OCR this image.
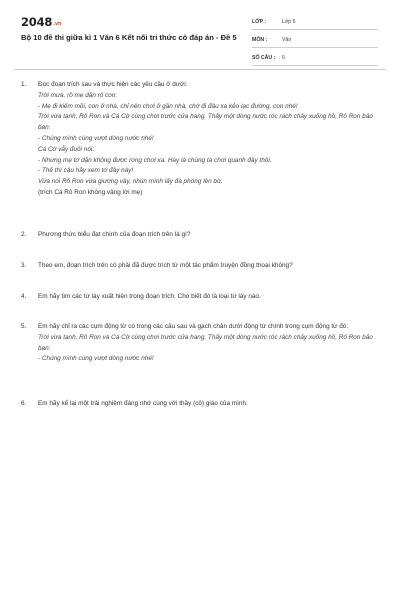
$2048^{.vn}$
Bộ 10 đề thi giữa kì 1 Văn 6 Kết nối tri thức có đáp án - Đề 5
LỚP :	Lớp 6
MÔN :	Văn
SỐ CÂU :	6
1.	Đọc đoạn trích sau và thực hiện các yêu cầu ở dưới:
Trời mưa, rồ mẹ dặn rô con:
- Mẹ đi kiếm mồi, con ở nhà, chỉ nên chơi ở gần nhà, chớ đi đâu xa kẻo lạc đường, con nhé!
Trời vừa tạnh, Rô Ron và Cá Cờ cùng chơi trước cửa hang. Thấy một dòng nước róc rách chảy xuống hồ, Rô Ron bảo bạn:
- Chúng mình cùng vượt dòng nước nhé!
Cá Cờ vẫy đuôi nói:
- Nhưng mẹ tớ dặn không được rong chơi xa. Hay là chúng ta chơi quanh đây thôi.
- Thế thì cậu hãy xem tớ đây này!
Vừa nói Rô Ron vừa giương vây, nhún mình lấy đà phóng lên bờ.
(trích Cá Rô Ron không vâng lời mẹ)
2.	Phương thức biểu đạt chính của đoạn trích trên là gì?
3.	Theo em, đoạn trích trên có phải đã được trích từ một tác phẩm truyện đồng thoại không?
4.	Em hãy tìm các từ láy xuất hiện trong đoạn trích. Cho biết đó là loại từ láy nào.
5.	Em hãy chỉ ra các cụm động từ có trong các câu sau và gạch chân dưới động từ chính trong cụm động từ đó:
Trời vừa tạnh, Rô Ron và Cá Cờ cùng chơi trước cửa hang. Thấy một dòng nước róc rách chảy xuống hồ, Rô Ron bảo bạn:
- Chúng mình cùng vượt dòng nước nhé!
6.	Em hãy kể lại một trải nghiệm đáng nhớ cùng với thầy (cô) giáo của mình.
